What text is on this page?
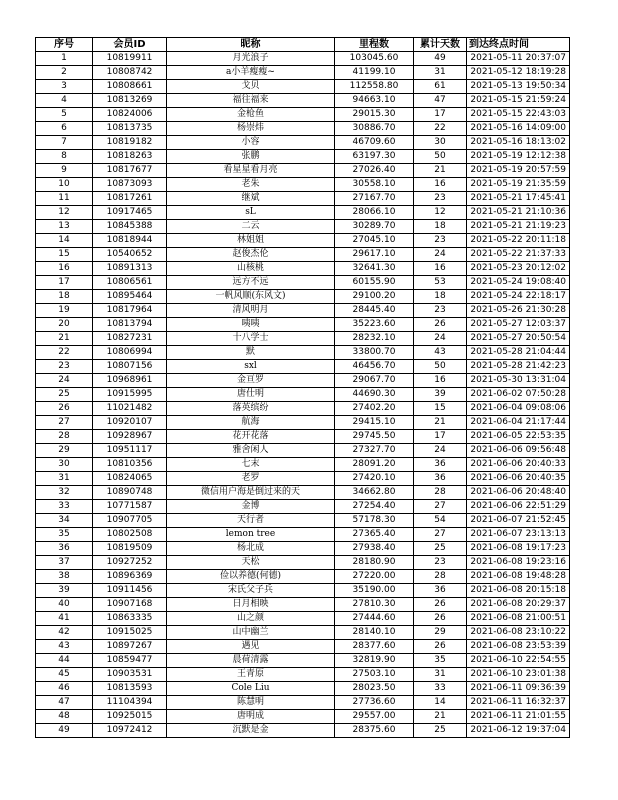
序号	会员ID	昵称	里程数	累计天数	到达终点时间
1	10819911	月光浪子	103045.60	49	2021-05-11 20:37:07
2	10808742	a小羊瘦瘦~	41199.10	31	2021-05-12 18:19:28
3	10808661	戈贝	112558.80	61	2021-05-13 19:50:34
4	10813269	福往福来	94663.10	47	2021-05-15 21:59:24
5	10824006	金枪鱼	29015.30	17	2021-05-15 22:43:03
6	10813735	杨崇炜	30886.70	22	2021-05-16 14:09:00
7	10819182	小容	46709.60	30	2021-05-16 18:13:02
8	10818263	张鹏	63197.30	50	2021-05-19 12:12:38
9	10817677	看星星看月亮	27026.40	21	2021-05-19 20:57:59
10	10873093	老朱	30558.10	16	2021-05-19 21:35:59
11	10817261	继斌	27167.70	23	2021-05-21 17:45:41
12	10917465	sL	28066.10	12	2021-05-21 21:10:36
13	10845388	二云	30289.70	18	2021-05-21 21:19:23
14	10818944	林姐姐	27045.10	23	2021-05-22 20:11:18
15	10540652	赵俊杰伦	29617.10	24	2021-05-22 21:37:33
16	10891313	山核桃	32641.30	16	2021-05-23 20:12:02
17	10806561	远方不远	60155.90	53	2021-05-24 19:08:40
18	10895464	一帆风顺(东风文)	29100.20	18	2021-05-24 22:18:17
19	10817964	清风明月	28445.40	23	2021-05-26 21:30:28
20	10813794	咦咦	35223.60	26	2021-05-27 12:03:37
21	10827231	十八学士	28232.10	24	2021-05-27 20:50:54
22	10806994	默	33800.70	43	2021-05-28 21:04:44
23	10807156	sxl	46456.70	50	2021-05-28 21:42:23
24	10968961	金亘罗	29067.70	16	2021-05-30 13:31:04
25	10915995	唐仕明	44690.30	39	2021-06-02 07:50:28
26	11021482	落英缤纷	27402.20	15	2021-06-04 09:08:06
27	10920107	航海	29415.10	21	2021-06-04 21:17:44
28	10928967	花开花落	29745.50	17	2021-06-05 22:53:35
29	10951117	雅舍闲人	27327.70	24	2021-06-06 09:56:48
30	10810356	七末	28091.20	36	2021-06-06 20:40:33
31	10824065	老罗	27420.10	36	2021-06-06 20:40:35
32	10890748	微信用户海是倒过来的天	34662.80	28	2021-06-06 20:48:40
33	10771587	金博	27254.40	27	2021-06-06 22:51:29
34	10907705	天行者	57178.30	54	2021-06-07 21:52:45
35	10802508	lemon tree	27365.40	27	2021-06-07 23:13:13
36	10819509	杨北成	27938.40	25	2021-06-08 19:17:23
37	10927252	天松	28180.90	23	2021-06-08 19:23:16
38	10896369	俭以养德(何德)	27220.00	28	2021-06-08 19:48:28
39	10911456	宋氏父子兵	35190.00	36	2021-06-08 20:15:18
40	10907168	日月相映	27810.30	26	2021-06-08 20:29:37
41	10863335	山之颜	27444.60	26	2021-06-08 21:00:51
42	10915025	山中幽兰	28140.10	29	2021-06-08 23:10:22
43	10897267	遇见	28377.60	26	2021-06-08 23:53:39
44	10859477	晨荷清露	32819.90	35	2021-06-10 22:54:55
45	10903531	王青原	27503.10	31	2021-06-10 23:01:38
46	10813593	Cole Liu	28023.50	33	2021-06-11 09:36:39
47	11104394	陈慧明	27736.60	14	2021-06-11 16:32:37
48	10925015	唐明成	29557.00	21	2021-06-11 21:01:55
49	10972412	沉默是金	28375.60	25	2021-06-12 19:37:04
